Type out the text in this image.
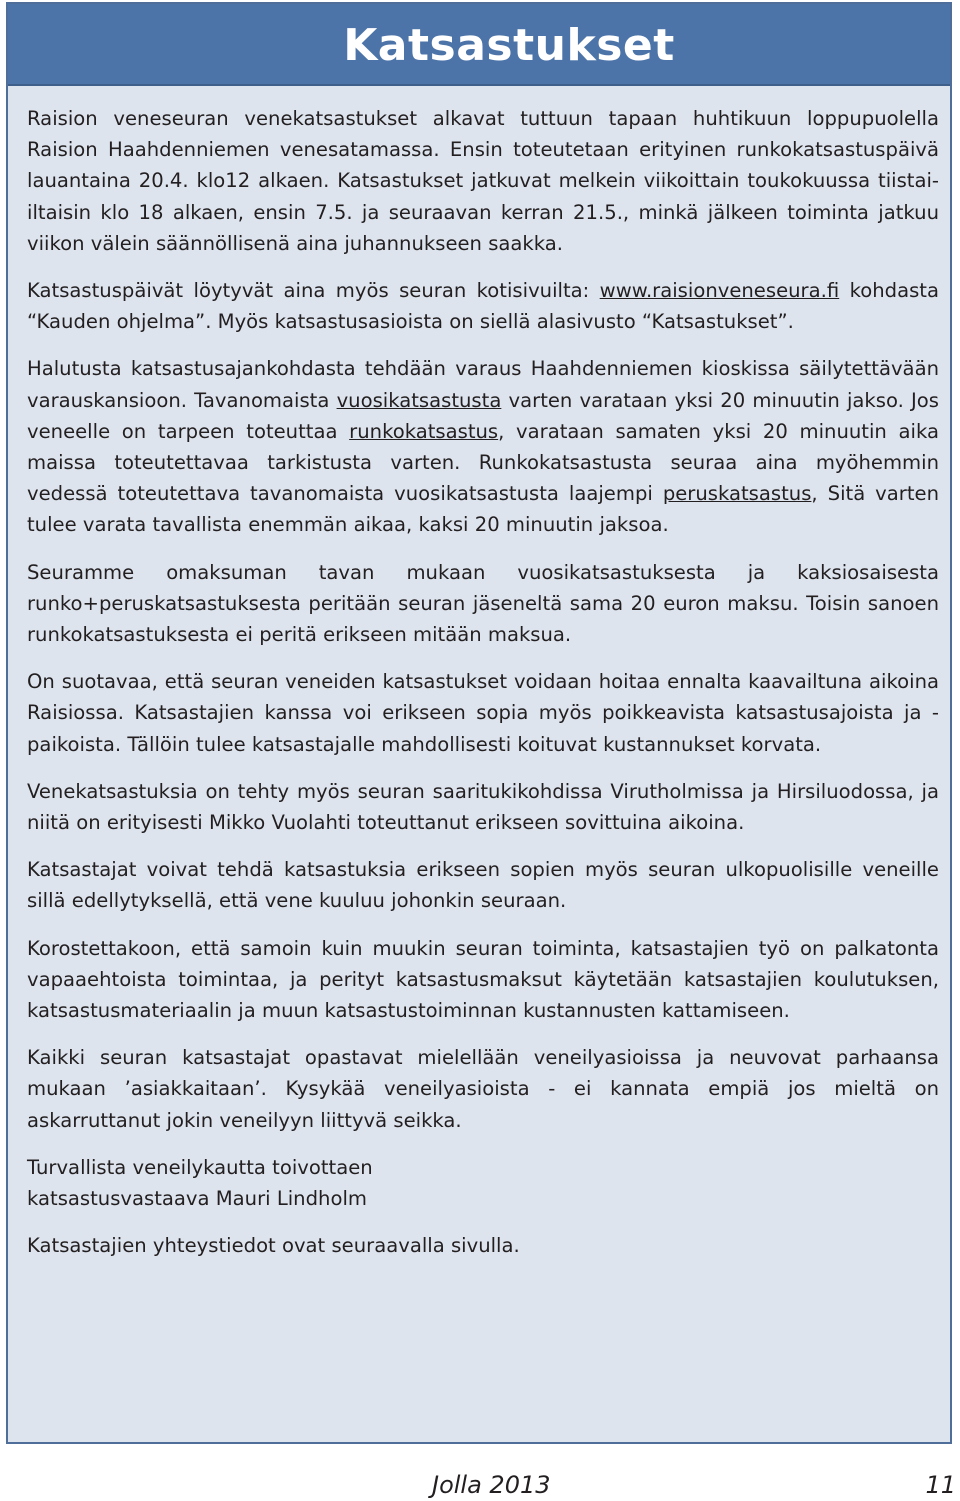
Katsastukset

Raision veneseuran venekatsastukset alkavat tuttuun tapaan huhtikuun loppupuolella Raision Haahdenniemen venesatamassa. Ensin toteutetaan erityinen runkokatsastuspäivä lauantaina 20.4. klo12 alkaen. Katsastukset jatkuvat melkein viikoittain toukokuussa tiistai-iltaisin klo 18 alkaen, ensin 7.5. ja seuraavan kerran 21.5., minkä jälkeen toiminta jatkuu viikon välein säännöllisenä aina juhannukseen saakka.

Katsastuspäivät löytyvät aina myös seuran kotisivuilta: www.raisionveneseura.fi kohdasta “Kauden ohjelma”. Myös katsastusasioista on siellä alasivusto “Katsastukset”.

Halutusta katsastusajankohdasta tehdään varaus Haahdenniemen kioskissa säilytettävään varauskansioon. Tavanomaista vuosikatsastusta varten varataan yksi 20 minuutin jakso. Jos veneelle on tarpeen toteuttaa runkokatsastus, varataan samaten yksi 20 minuutin aika maissa toteutettavaa tarkistusta varten. Runkokatsastusta seuraa aina myöhemmin vedessä toteutettava tavanomaista vuosikatsastusta laajempi peruskatsastus, Sitä varten tulee varata tavallista enemmän aikaa, kaksi 20 minuutin jaksoa.

Seuramme omaksuman tavan mukaan vuosikatsastuksesta ja kaksiosaisesta runko+peruskatsastuksesta peritään seuran jäseneltä sama 20 euron maksu. Toisin sanoen runkokatsastuksesta ei peritä erikseen mitään maksua.

On suotavaa, että seuran veneiden katsastukset voidaan hoitaa ennalta kaavailtuna aikoina Raisiossa. Katsastajien kanssa voi erikseen sopia myös poikkeavista katsastusajoista ja -paikoista. Tällöin tulee katsastajalle mahdollisesti koituvat kustannukset korvata.

Venekatsastuksia on tehty myös seuran saaritukikohdissa Virutholmissa ja Hirsiluodossa, ja niitä on erityisesti Mikko Vuolahti toteuttanut erikseen sovittuina aikoina.

Katsastajat voivat tehdä katsastuksia erikseen sopien myös seuran ulkopuolisille veneille sillä edellytyksellä, että vene kuuluu johonkin seuraan.

Korostettakoon, että samoin kuin muukin seuran toiminta, katsastajien työ on palkatonta vapaaehtoista toimintaa, ja perityt katsastusmaksut käytetään katsastajien koulutuksen, katsastusmateriaalin ja muun katsastustoiminnan kustannusten kattamiseen.

Kaikki seuran katsastajat opastavat mielellään veneilyasioissa ja neuvovat parhaansa mukaan ’asiakkaitaan’. Kysykää veneilyasioista - ei kannata empiä jos mieltä on askarruttanut jokin veneilyyn liittyvä seikka.

Turvallista veneilykautta toivottaen

katsastusvastaava Mauri Lindholm

Katsastajien yhteystiedot ovat seuraavalla sivulla.

Jolla 2013	11
